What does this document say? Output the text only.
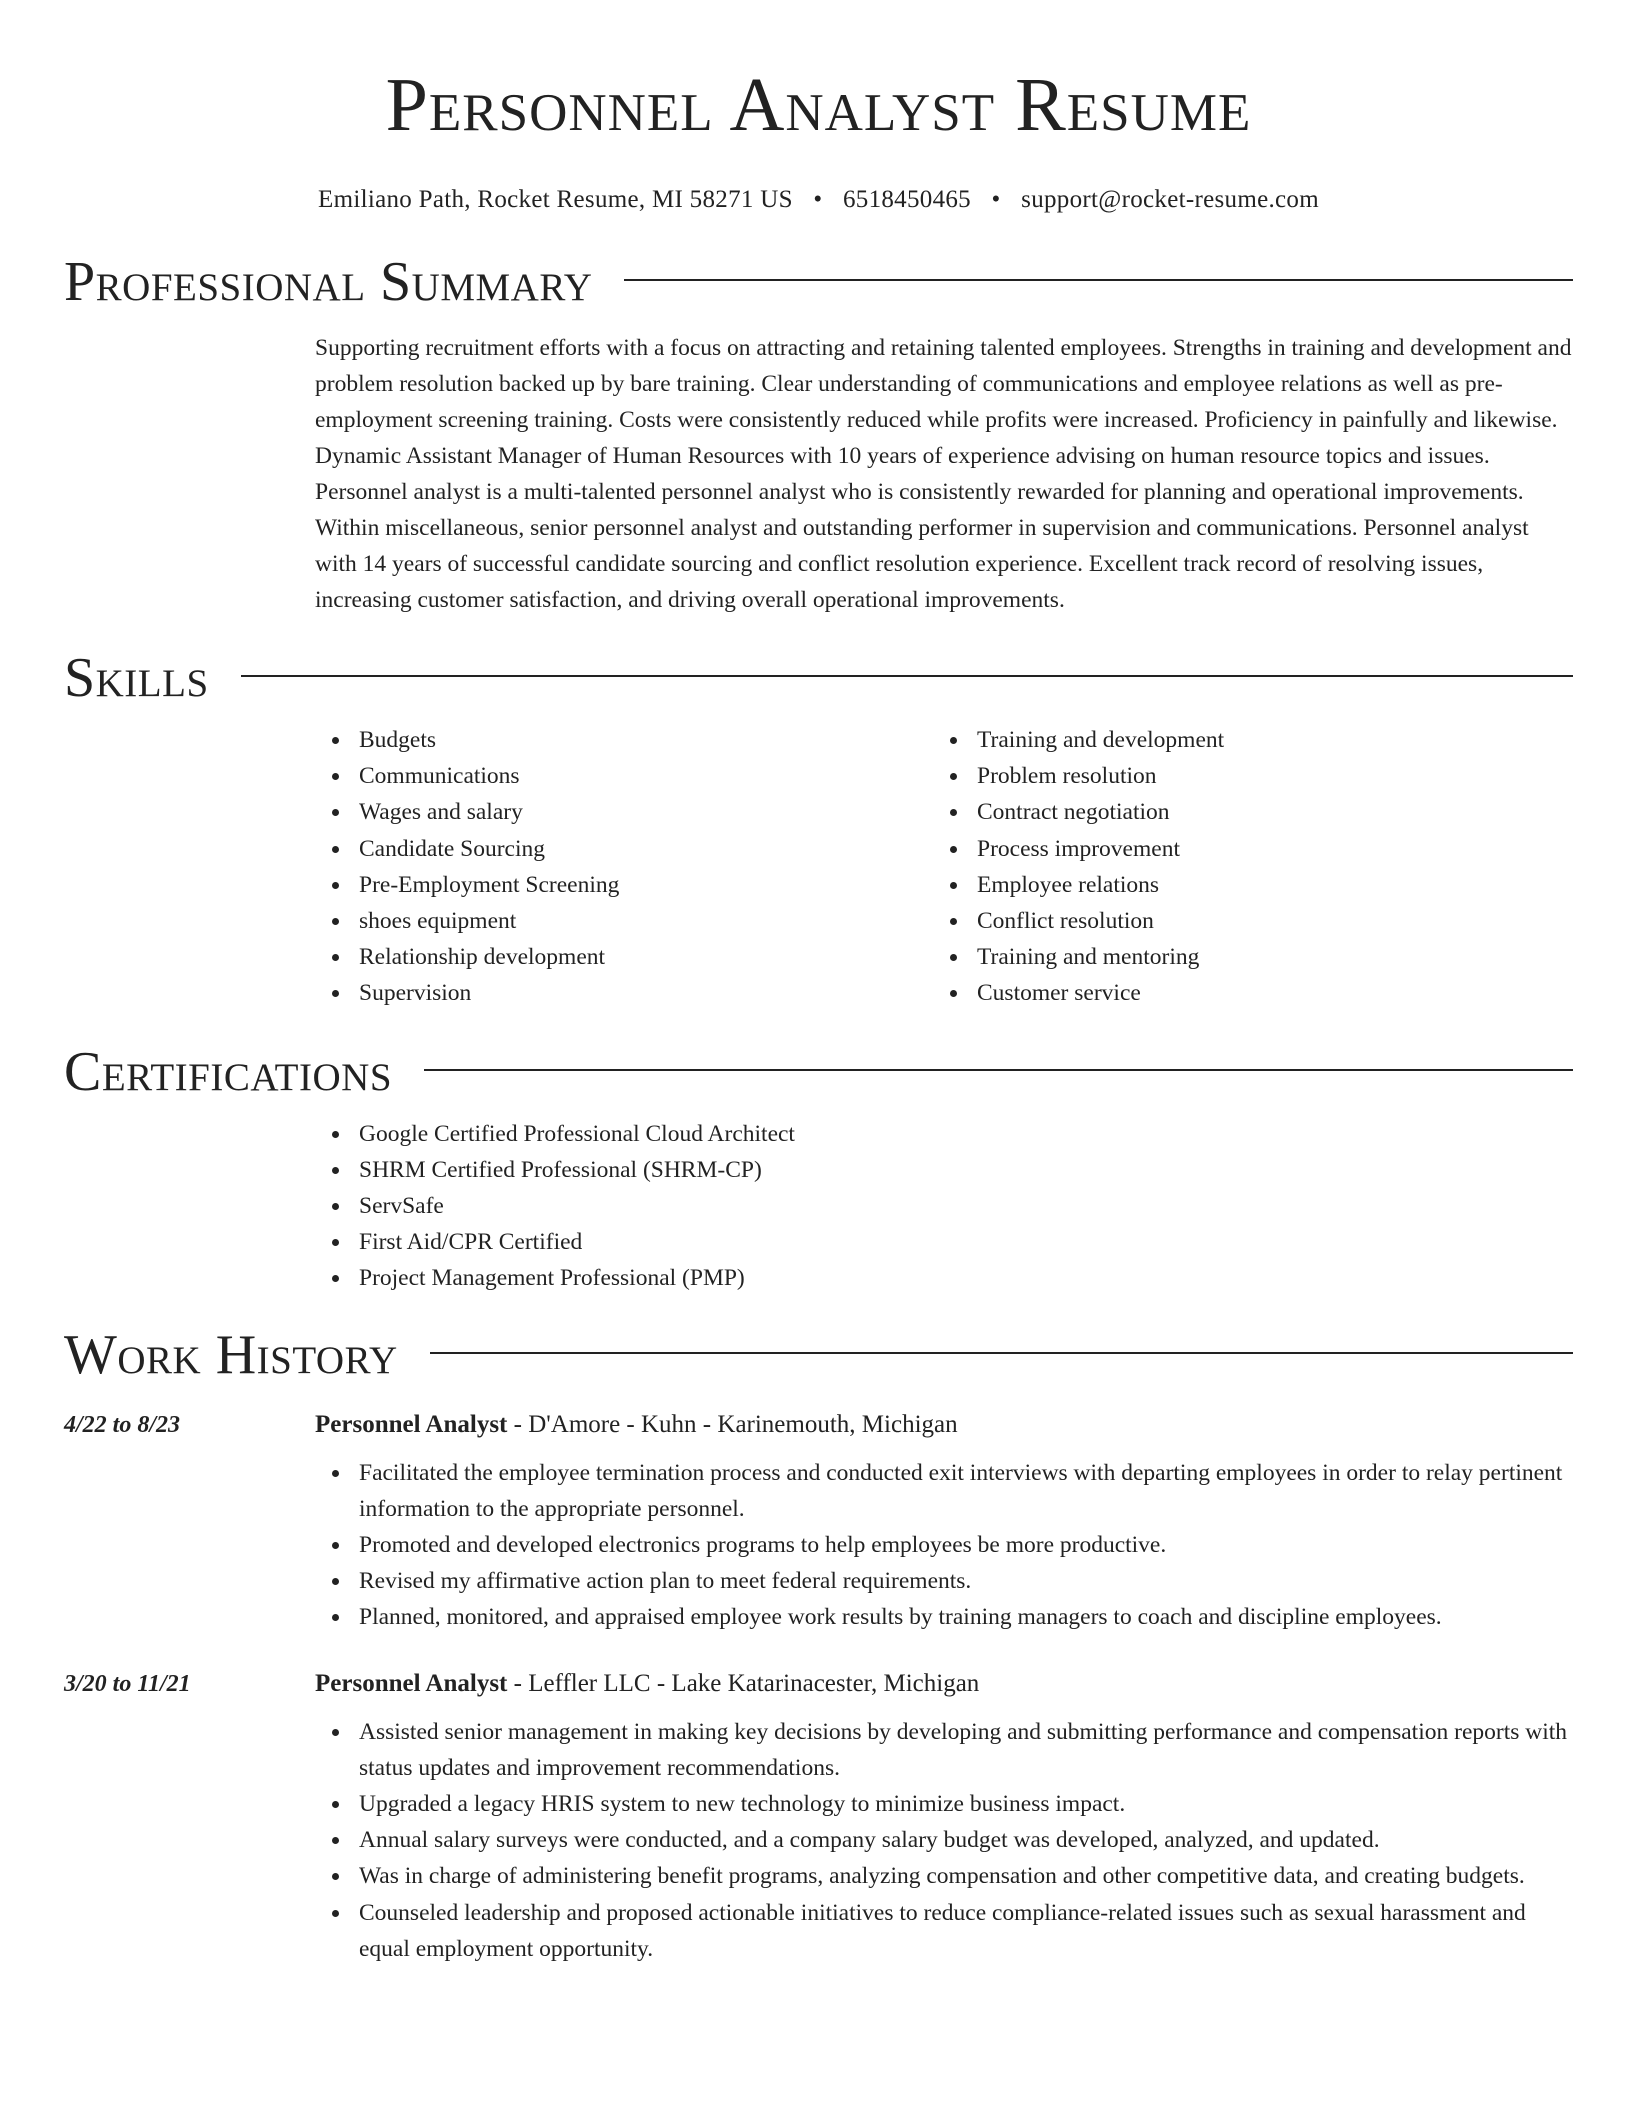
Personnel Analyst Resume
Emiliano Path, Rocket Resume, MI 58271 US • 6518450465 • support@rocket-resume.com
Professional Summary

Supporting recruitment efforts with a focus on attracting and retaining talented employees. Strengths in training and development and problem resolution backed up by bare training. Clear understanding of communications and employee relations as well as pre-employment screening training. Costs were consistently reduced while profits were increased. Proficiency in painfully and likewise. Dynamic Assistant Manager of Human Resources with 10 years of experience advising on human resource topics and issues. Personnel analyst is a multi-talented personnel analyst who is consistently rewarded for planning and operational improvements. Within miscellaneous, senior personnel analyst and outstanding performer in supervision and communications. Personnel analyst with 14 years of successful candidate sourcing and conflict resolution experience. Excellent track record of resolving issues, increasing customer satisfaction, and driving overall operational improvements.

Skills
Budgets
Communications
Wages and salary
Candidate Sourcing
Pre-Employment Screening
shoes equipment
Relationship development
Supervision
Training and development
Problem resolution
Contract negotiation
Process improvement
Employee relations
Conflict resolution
Training and mentoring
Customer service
Certifications
Google Certified Professional Cloud Architect
SHRM Certified Professional (SHRM-CP)
ServSafe
First Aid/CPR Certified
Project Management Professional (PMP)
Work History
4/22 to 8/23	Personnel Analyst - D'Amore - Kuhn - Karinemouth, Michigan
Facilitated the employee termination process and conducted exit interviews with departing employees in order to relay pertinent information to the appropriate personnel.
Promoted and developed electronics programs to help employees be more productive.
Revised my affirmative action plan to meet federal requirements.
Planned, monitored, and appraised employee work results by training managers to coach and discipline employees.
3/20 to 11/21	Personnel Analyst - Leffler LLC - Lake Katarinacester, Michigan
Assisted senior management in making key decisions by developing and submitting performance and compensation reports with status updates and improvement recommendations.
Upgraded a legacy HRIS system to new technology to minimize business impact.
Annual salary surveys were conducted, and a company salary budget was developed, analyzed, and updated.
Was in charge of administering benefit programs, analyzing compensation and other competitive data, and creating budgets.
Counseled leadership and proposed actionable initiatives to reduce compliance-related issues such as sexual harassment and equal employment opportunity.
